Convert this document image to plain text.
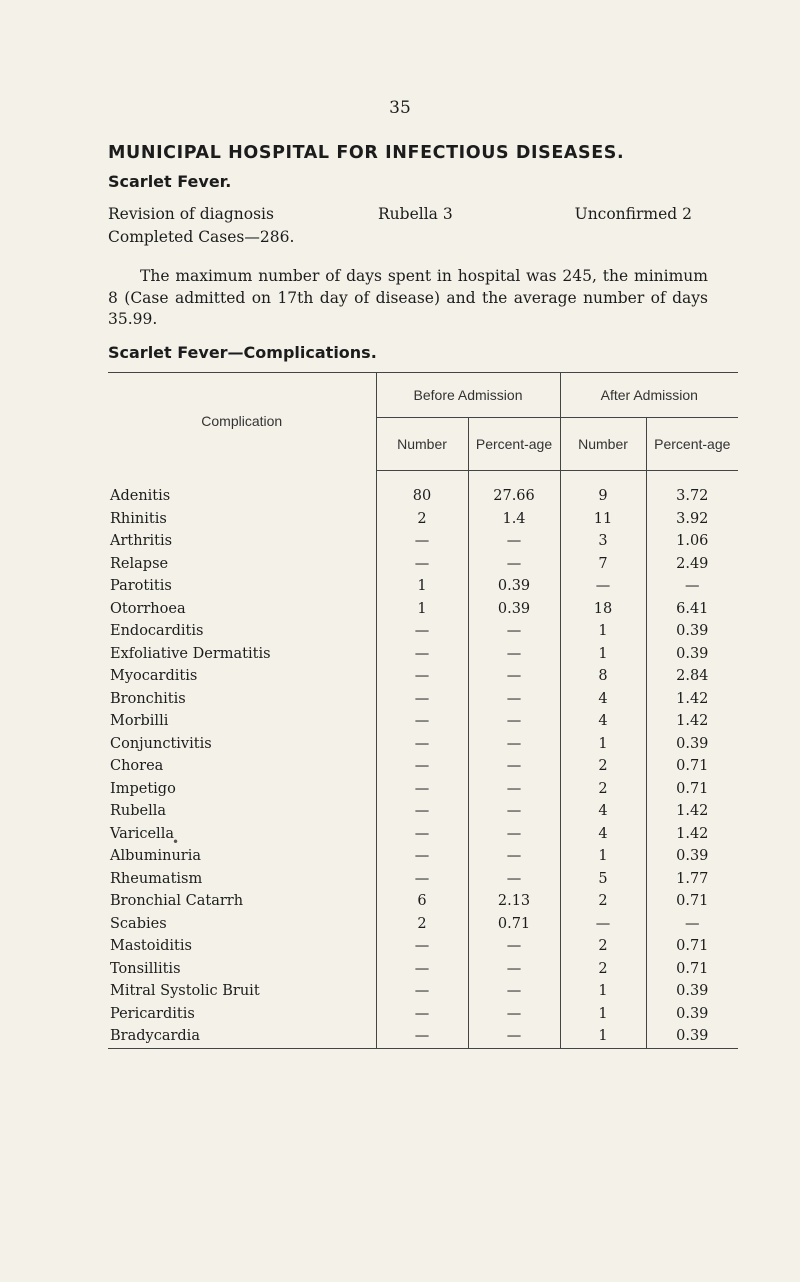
35
MUNICIPAL HOSPITAL FOR INFECTIOUS DISEASES.
Scarlet Fever.
Revision of diagnosis	Rubella 3	Unconfirmed 2
Completed Cases—286.

The maximum number of days spent in hospital was 245, the minimum 8 (Case admitted on 17th day of disease) and the average number of days 35.99.

Scarlet Fever—Complications.
•
Complication	Before Admission		After Admission	
	Number	Percent-age	Number	Percent-age
Adenitis	80	27.66	9	3.72
Rhinitis	2	1.4	11	3.92
Arthritis	—	—	3	1.06
Relapse	—	—	7	2.49
Parotitis	1	0.39	—	—
Otorrhoea	1	0.39	18	6.41
Endocarditis	—	—	1	0.39
Exfoliative Dermatitis	—	—	1	0.39
Myocarditis	—	—	8	2.84
Bronchitis	—	—	4	1.42
Morbilli	—	—	4	1.42
Conjunctivitis	—	—	1	0.39
Chorea	—	—	2	0.71
Impetigo	—	—	2	0.71
Rubella	—	—	4	1.42
Varicella	—	—	4	1.42
Albuminuria	—	—	1	0.39
Rheumatism	—	—	5	1.77
Bronchial Catarrh	6	2.13	2	0.71
Scabies	2	0.71	—	—
Mastoiditis	—	—	2	0.71
Tonsillitis	—	—	2	0.71
Mitral Systolic Bruit	—	—	1	0.39
Pericarditis	—	—	1	0.39
Bradycardia	—	—	1	0.39
